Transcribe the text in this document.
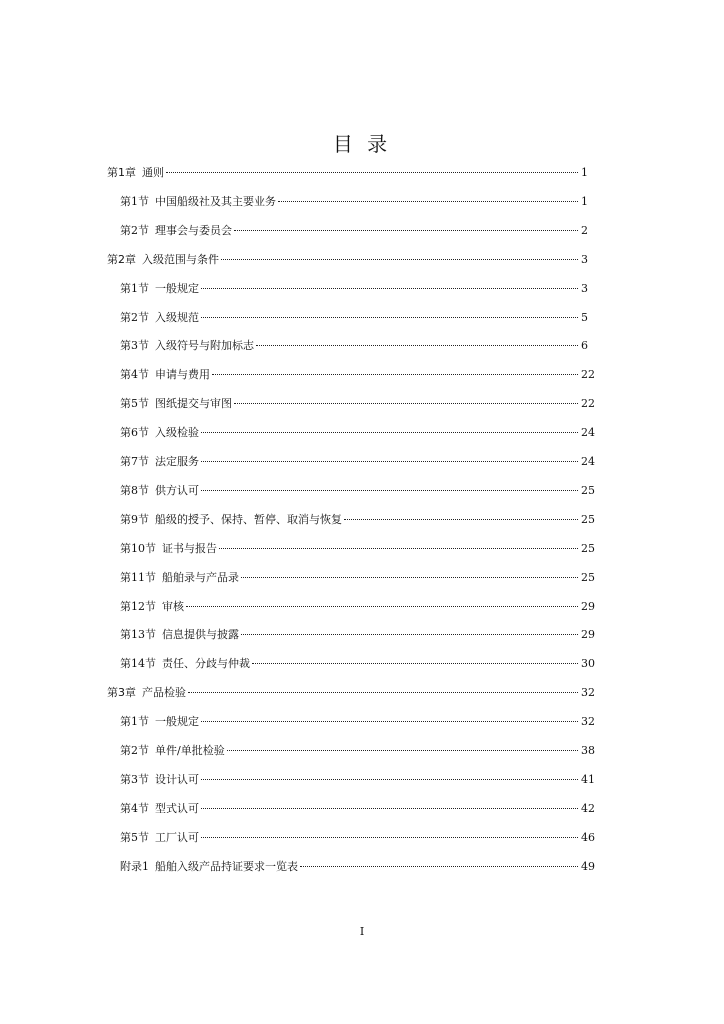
目 录
第1章 通则	1
第1节 中国船级社及其主要业务	1
第2节 理事会与委员会	2
第2章 入级范围与条件	3
第1节 一般规定	3
第2节 入级规范	5
第3节 入级符号与附加标志	6
第4节 申请与费用	22
第5节 图纸提交与审图	22
第6节 入级检验	24
第7节 法定服务	24
第8节 供方认可	25
第9节 船级的授予、保持、暂停、取消与恢复	25
第10节 证书与报告	25
第11节 船舶录与产品录	25
第12节 审核	29
第13节 信息提供与披露	29
第14节 责任、分歧与仲裁	30
第3章 产品检验	32
第1节 一般规定	32
第2节 单件/单批检验	38
第3节 设计认可	41
第4节 型式认可	42
第5节 工厂认可	46
附录1 船舶入级产品持证要求一览表	49
I
